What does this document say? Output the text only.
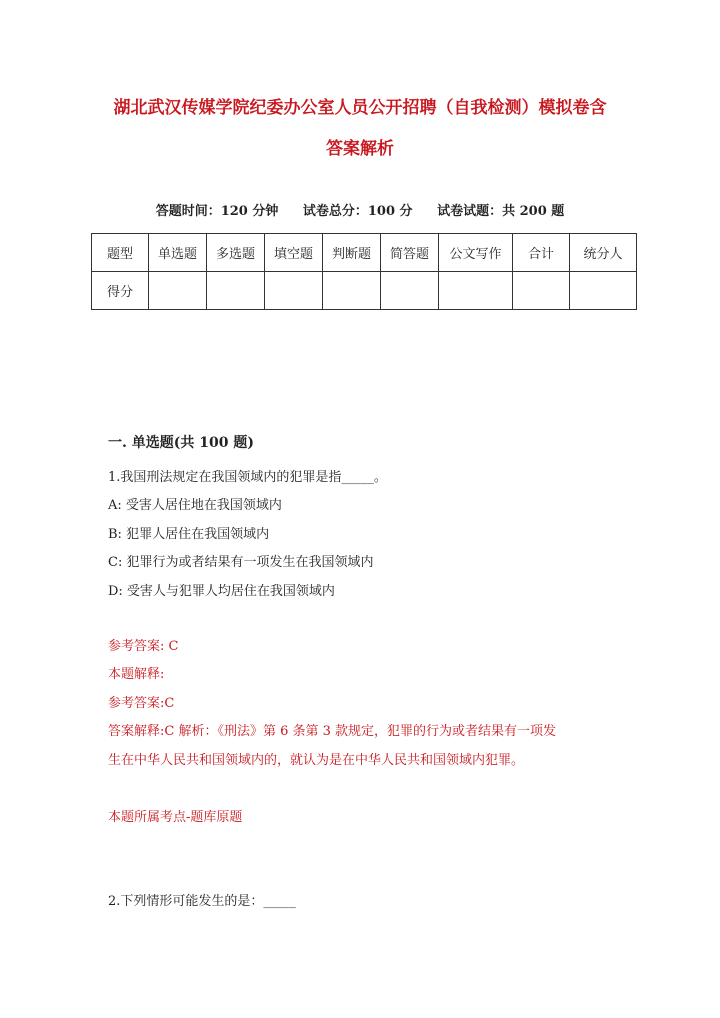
湖北武汉传媒学院纪委办公室人员公开招聘（自我检测）模拟卷含
答案解析
答题时间：120 分钟 试卷总分：100 分 试卷试题：共 200 题
题型	单选题	多选题	填空题	判断题	简答题	公文写作	合计	统分人
得分								
一. 单选题(共 100 题)
1.我国刑法规定在我国领域内的犯罪是指_____。
A: 受害人居住地在我国领域内
B: 犯罪人居住在我国领域内
C: 犯罪行为或者结果有一项发生在我国领域内
D: 受害人与犯罪人均居住在我国领域内
参考答案: C
本题解释:
参考答案:C
答案解释:C 解析：《刑法》第 6 条第 3 款规定，犯罪的行为或者结果有一项发
生在中华人民共和国领域内的，就认为是在中华人民共和国领域内犯罪。
本题所属考点-题库原题
2.下列情形可能发生的是：_____
